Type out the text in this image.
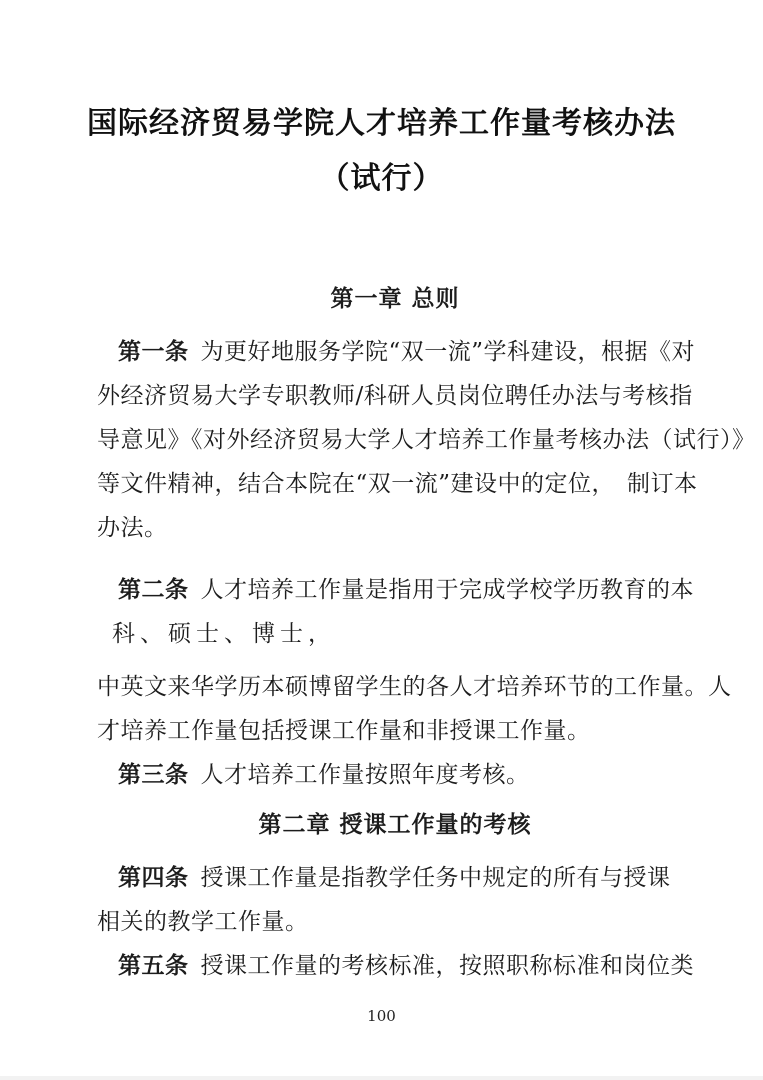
国际经济贸易学院人才培养工作量考核办法
（试行）
第一章 总则
第一条 为更好地服务学院“双一流”学科建设，根据《对
外经济贸易大学专职教师/科研人员岗位聘任办法与考核指
导意见》《对外经济贸易大学人才培养工作量考核办法（试行）》
等文件精神，结合本院在“双一流”建设中的定位，　制订本
办法。
第二条 人才培养工作量是指用于完成学校学历教育的本
科、硕士、博士，
中英文来华学历本硕博留学生的各人才培养环节的工作量。人
才培养工作量包括授课工作量和非授课工作量。
第三条 人才培养工作量按照年度考核。
第二章 授课工作量的考核
第四条 授课工作量是指教学任务中规定的所有与授课
相关的教学工作量。
第五条 授课工作量的考核标准，按照职称标准和岗位类
100
